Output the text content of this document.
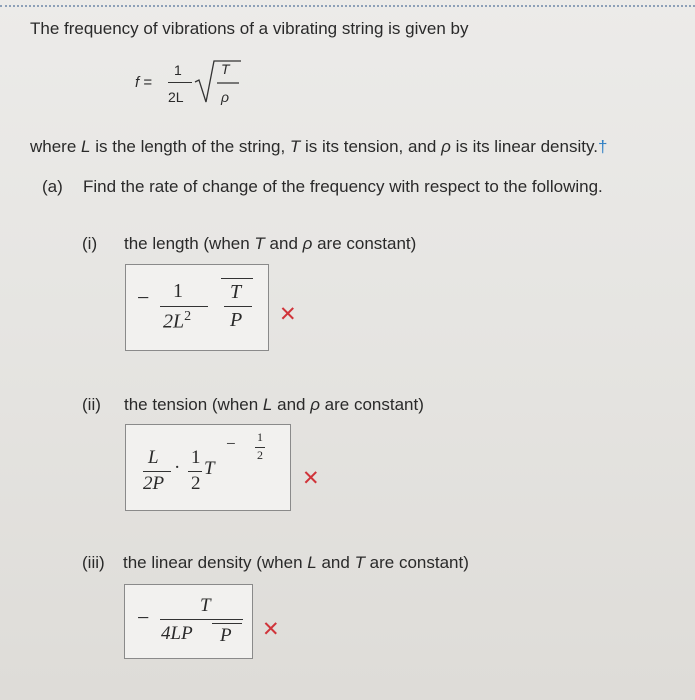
The frequency of vibrations of a vibrating string is given by
f =
1
2L
T
ρ
where L is the length of the string, T is its tension, and ρ is its linear density.†
(a) Find the rate of change of the frequency with respect to the following.
(i) the length (when T and ρ are constant)
− 1
$2L^2$
T
P ✕
(ii) the tension (when L and ρ are constant)
L
2P
· 1
2
T
− 1
2
✕
(iii) the linear density (when L and T are constant)
−	T
4LP P ✕
